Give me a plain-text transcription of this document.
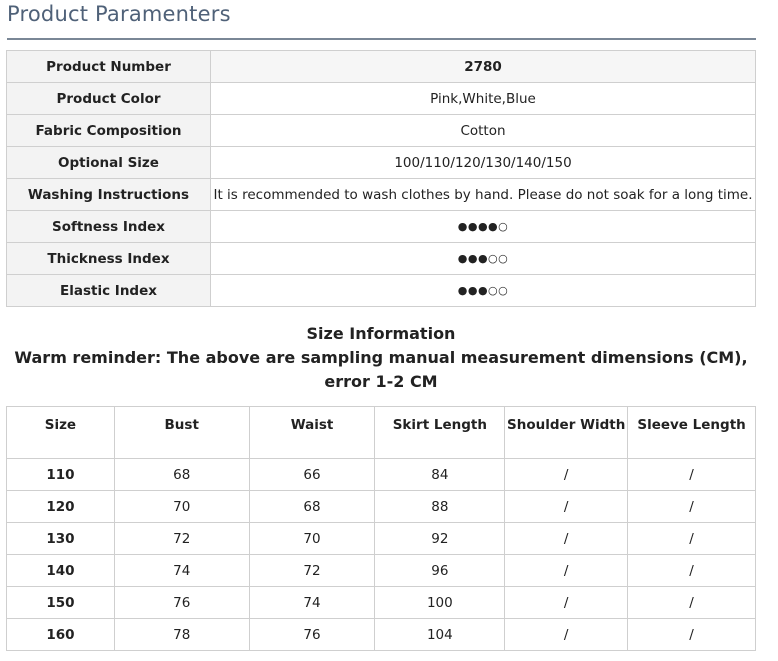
Product Paramenters
Product Number	2780
Product Color	Pink,White,Blue
Fabric Composition	Cotton
Optional Size	100/110/120/130/140/150
Washing Instructions	It is recommended to wash clothes by hand. Please do not soak for a long time.
Softness Index	●●●●○
Thickness Index	●●●○○
Elastic Index	●●●○○
Size Information
Warm reminder: The above are sampling manual measurement dimensions (CM), error 1-2 CM
Size	Bust	Waist	Skirt Length	Shoulder Width	Sleeve Length
110	68	66	84	/	/
120	70	68	88	/	/
130	72	70	92	/	/
140	74	72	96	/	/
150	76	74	100	/	/
160	78	76	104	/	/
